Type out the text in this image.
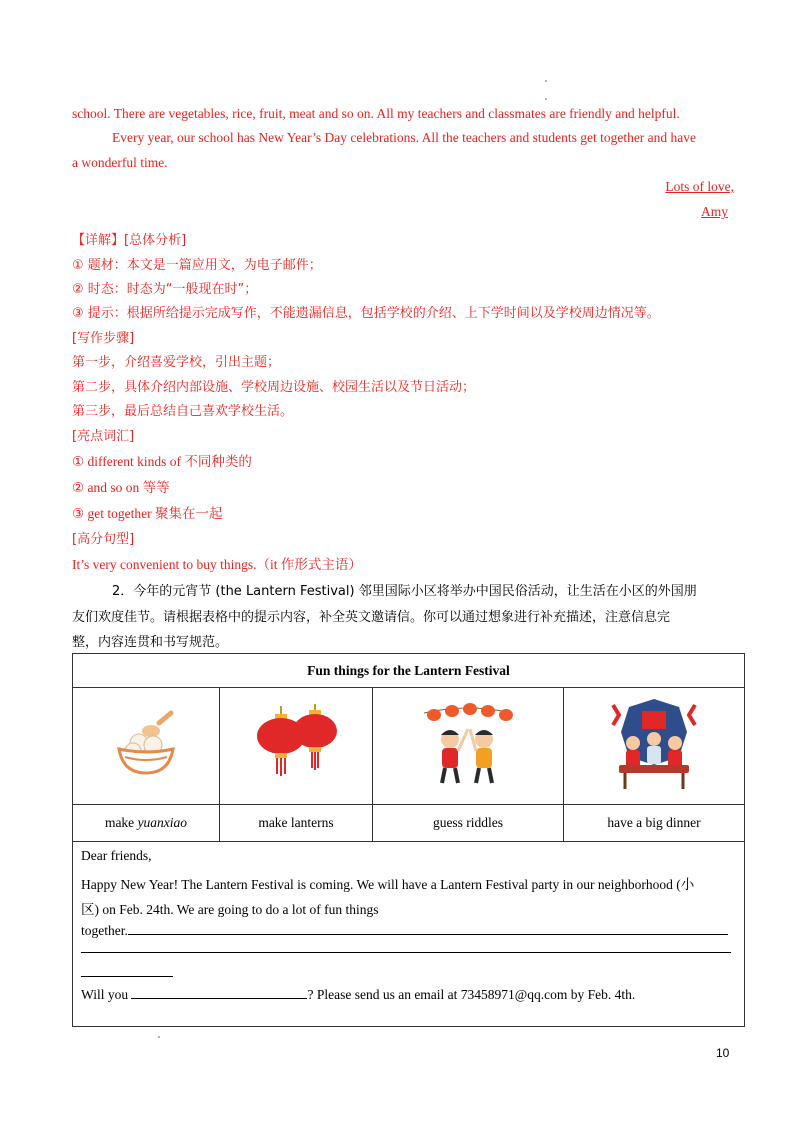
school. There are vegetables, rice, fruit, meat and so on. All my teachers and classmates are friendly and helpful.
Every year, our school has New Year’s Day celebrations. All the teachers and students get together and have
a wonderful time.
Lots of love,
Amy
【详解】[总体分析]
① 题材：本文是一篇应用文，为电子邮件；
② 时态：时态为“一般现在时”；
③ 提示：根据所给提示完成写作，不能遗漏信息，包括学校的介绍、上下学时间以及学校周边情况等。
[写作步骤]
第一步，介绍喜爱学校，引出主题；
第二步，具体介绍内部设施、学校周边设施、校园生活以及节日活动；
第三步，最后总结自己喜欢学校生活。
[亮点词汇]
① different kinds of 不同种类的
② and so on 等等
③ get together 聚集在一起
[高分句型]
It’s very convenient to buy things.（it 作形式主语）
2．今年的元宵节 (the Lantern Festival) 邻里国际小区将举办中国民俗活动，让生活在小区的外国朋
友们欢度佳节。请根据表格中的提示内容，补全英文邀请信。你可以通过想象进行补充描述，注意信息完
整，内容连贯和书写规范。
Fun things for the Lantern Festival			

make yuanxiao	make lanterns	guess riddles	have a big dinner

Dear friends,
Happy New Year! The Lantern Festival is coming. We will have a Lantern Festival party in our neighborhood (小
区) on Feb. 24th. We are going to do a lot of fun things
together.
Will you ? Please send us an email at 73458971@qq.com by Feb. 4th.			
10
